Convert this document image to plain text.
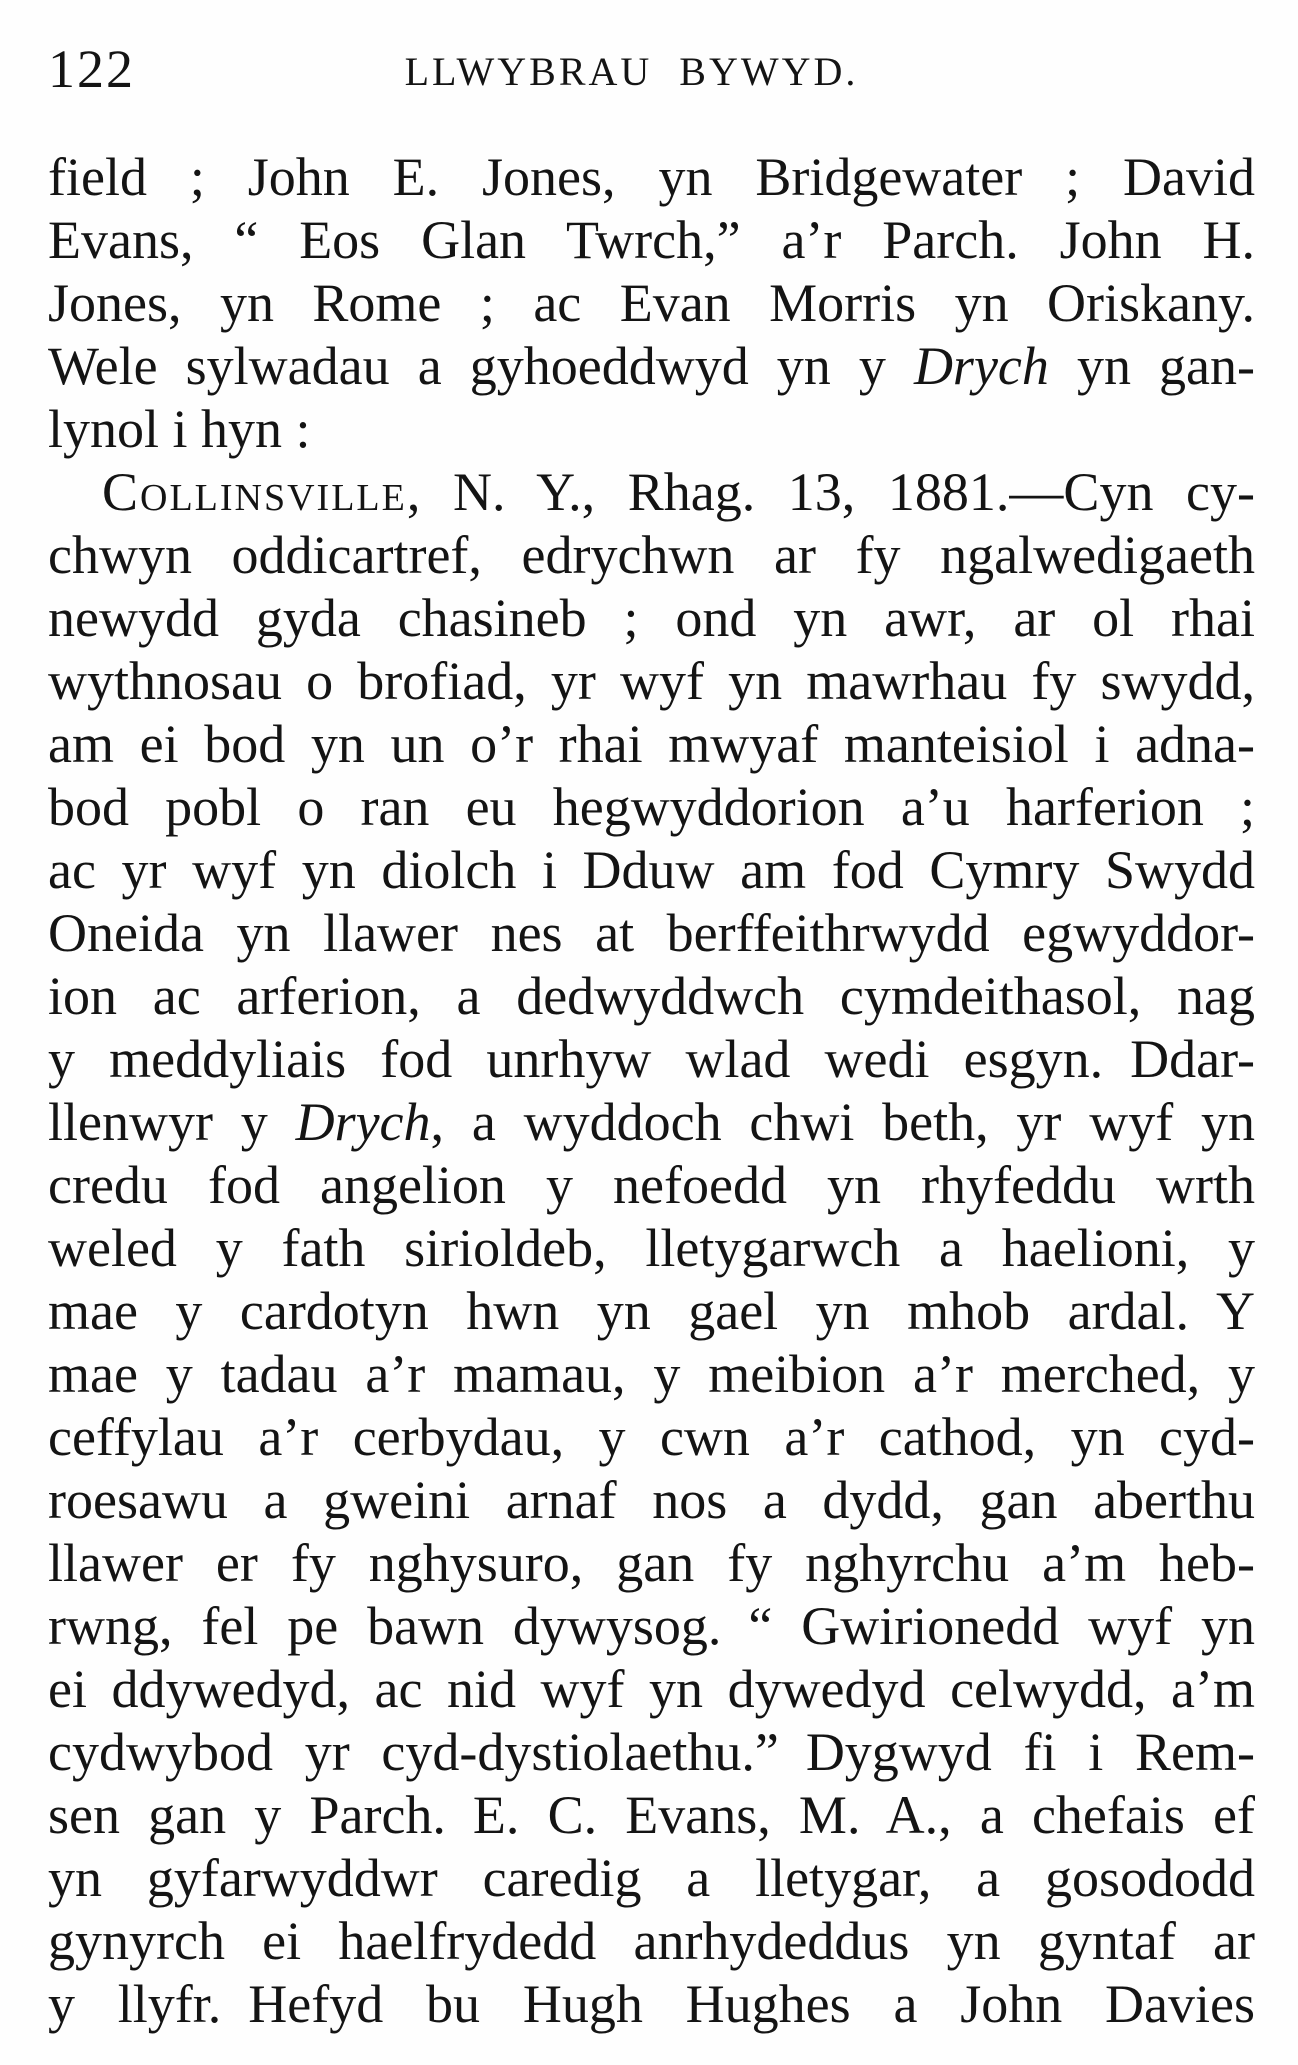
122	LLWYBRAU BYWYD.
field ; John E. Jones, yn Bridgewater ; David
Evans, “ Eos Glan Twrch,” a’r Parch. John H.
Jones, yn Rome ; ac Evan Morris yn Oriskany.
Wele sylwadau a gyhoeddwyd yn y Drych yn gan-
lynol i hyn :
Collinsville, N. Y., Rhag. 13, 1881.—Cyn cy-
chwyn oddicartref, edrychwn ar fy ngalwedigaeth
newydd gyda chasineb ; ond yn awr, ar ol rhai
wythnosau o brofiad, yr wyf yn mawrhau fy swydd,
am ei bod yn un o’r rhai mwyaf manteisiol i adna-
bod pobl o ran eu hegwyddorion a’u harferion ;
ac yr wyf yn diolch i Dduw am fod Cymry Swydd
Oneida yn llawer nes at berffeithrwydd egwyddor-
ion ac arferion, a dedwyddwch cymdeithasol, nag
y meddyliais fod unrhyw wlad wedi esgyn. Ddar-
llenwyr y Drych, a wyddoch chwi beth, yr wyf yn
credu fod angelion y nefoedd yn rhyfeddu wrth
weled y fath sirioldeb, lletygarwch a haelioni, y
mae y cardotyn hwn yn gael yn mhob ardal. Y
mae y tadau a’r mamau, y meibion a’r merched, y
ceffylau a’r cerbydau, y cwn a’r cathod, yn cyd-
roesawu a gweini arnaf nos a dydd, gan aberthu
llawer er fy nghysuro, gan fy nghyrchu a’m heb-
rwng, fel pe bawn dywysog. “ Gwirionedd wyf yn
ei ddywedyd, ac nid wyf yn dywedyd celwydd, a’m
cydwybod yr cyd-dystiolaethu.” Dygwyd fi i Rem-
sen gan y Parch. E. C. Evans, M. A., a chefais ef
yn gyfarwyddwr caredig a lletygar, a gosododd
gynyrch ei haelfrydedd anrhydeddus yn gyntaf ar
y llyfr. Hefyd bu Hugh Hughes a John Davies
